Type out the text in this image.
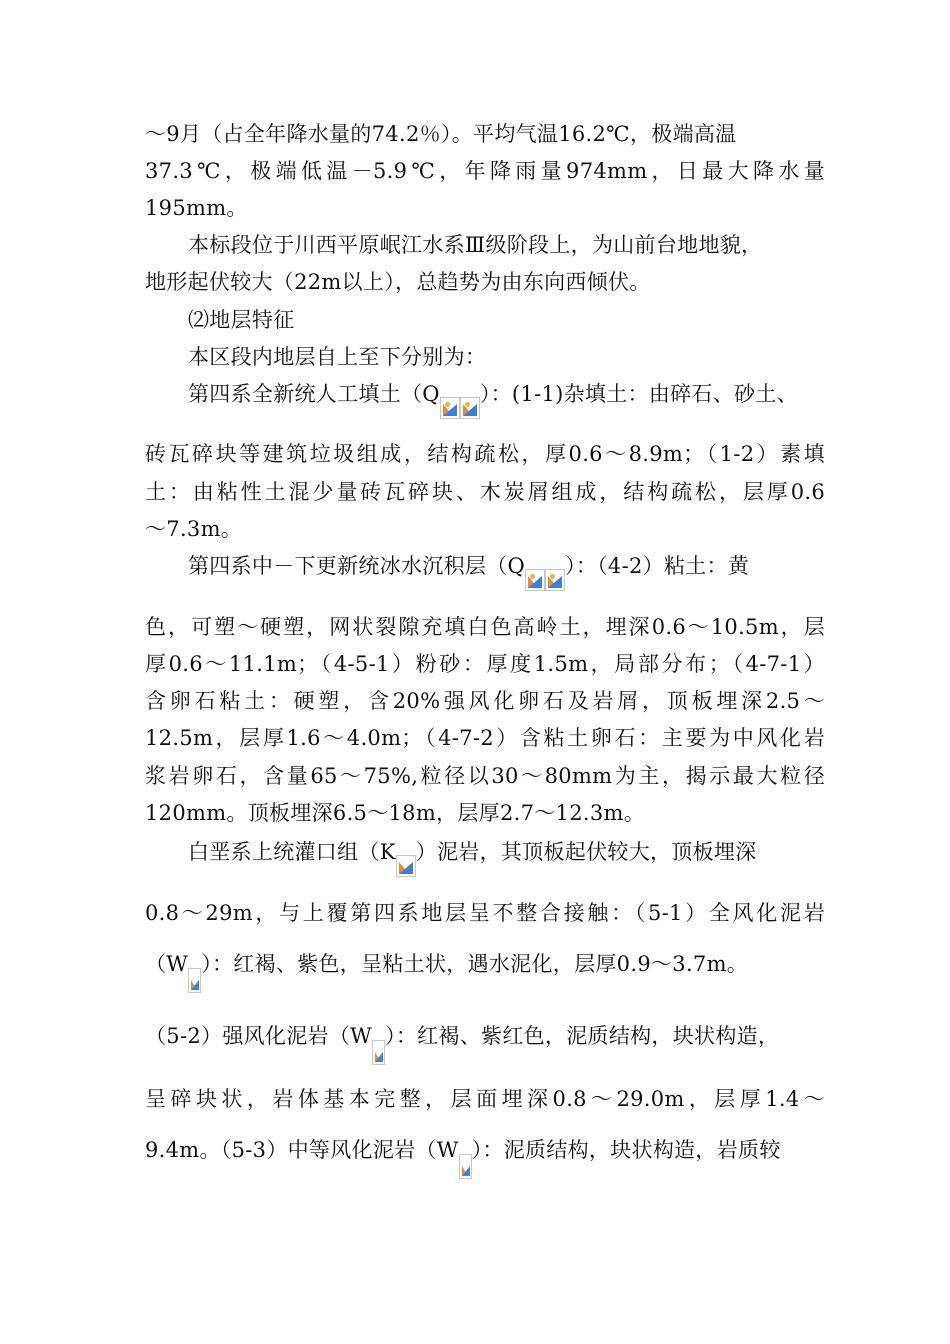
～9月（占全年降水量的74.2％）。平均气温16.2℃，极端高温
37.3℃，极端低温－5.9℃，年降雨量974mm，日最大降水量
195mm。
本标段位于川西平原岷江水系Ⅲ级阶段上，为山前台地地貌，
地形起伏较大（22m以上），总趋势为由东向西倾伏。
⑵地层特征
本区段内地层自上至下分别为：
第四系全新统人工填土（Q ）：(1-1)杂填土：由碎石、砂土、
砖瓦碎块等建筑垃圾组成，结构疏松，厚0.6～8.9m；（1-2）素填
土：由粘性土混少量砖瓦碎块、木炭屑组成，结构疏松，层厚0.6
～7.3m。
第四系中－下更新统冰水沉积层（Q ）：（4-2）粘土：黄
色，可塑～硬塑，网状裂隙充填白色高岭土，埋深0.6～10.5m，层
厚0.6～11.1m；（4-5-1）粉砂：厚度1.5m，局部分布；（4-7-1）
含卵石粘土：硬塑，含20%强风化卵石及岩屑，顶板埋深2.5～
12.5m，层厚1.6～4.0m；（4-7-2）含粘土卵石：主要为中风化岩
浆岩卵石，含量65～75%,粒径以30～80mm为主，揭示最大粒径
120mm。顶板埋深6.5～18m，层厚2.7～12.3m。
白垩系上统灌口组（K ）泥岩，其顶板起伏较大，顶板埋深
0.8～29m，与上覆第四系地层呈不整合接触：（5-1）全风化泥岩
（W ）：红褐、紫色，呈粘土状，遇水泥化，层厚0.9～3.7m。
（5-2）强风化泥岩（W ）：红褐、紫红色，泥质结构，块状构造，
呈碎块状，岩体基本完整，层面埋深0.8～29.0m，层厚1.4～
9.4m。（5-3）中等风化泥岩（W ）：泥质结构，块状构造，岩质较
